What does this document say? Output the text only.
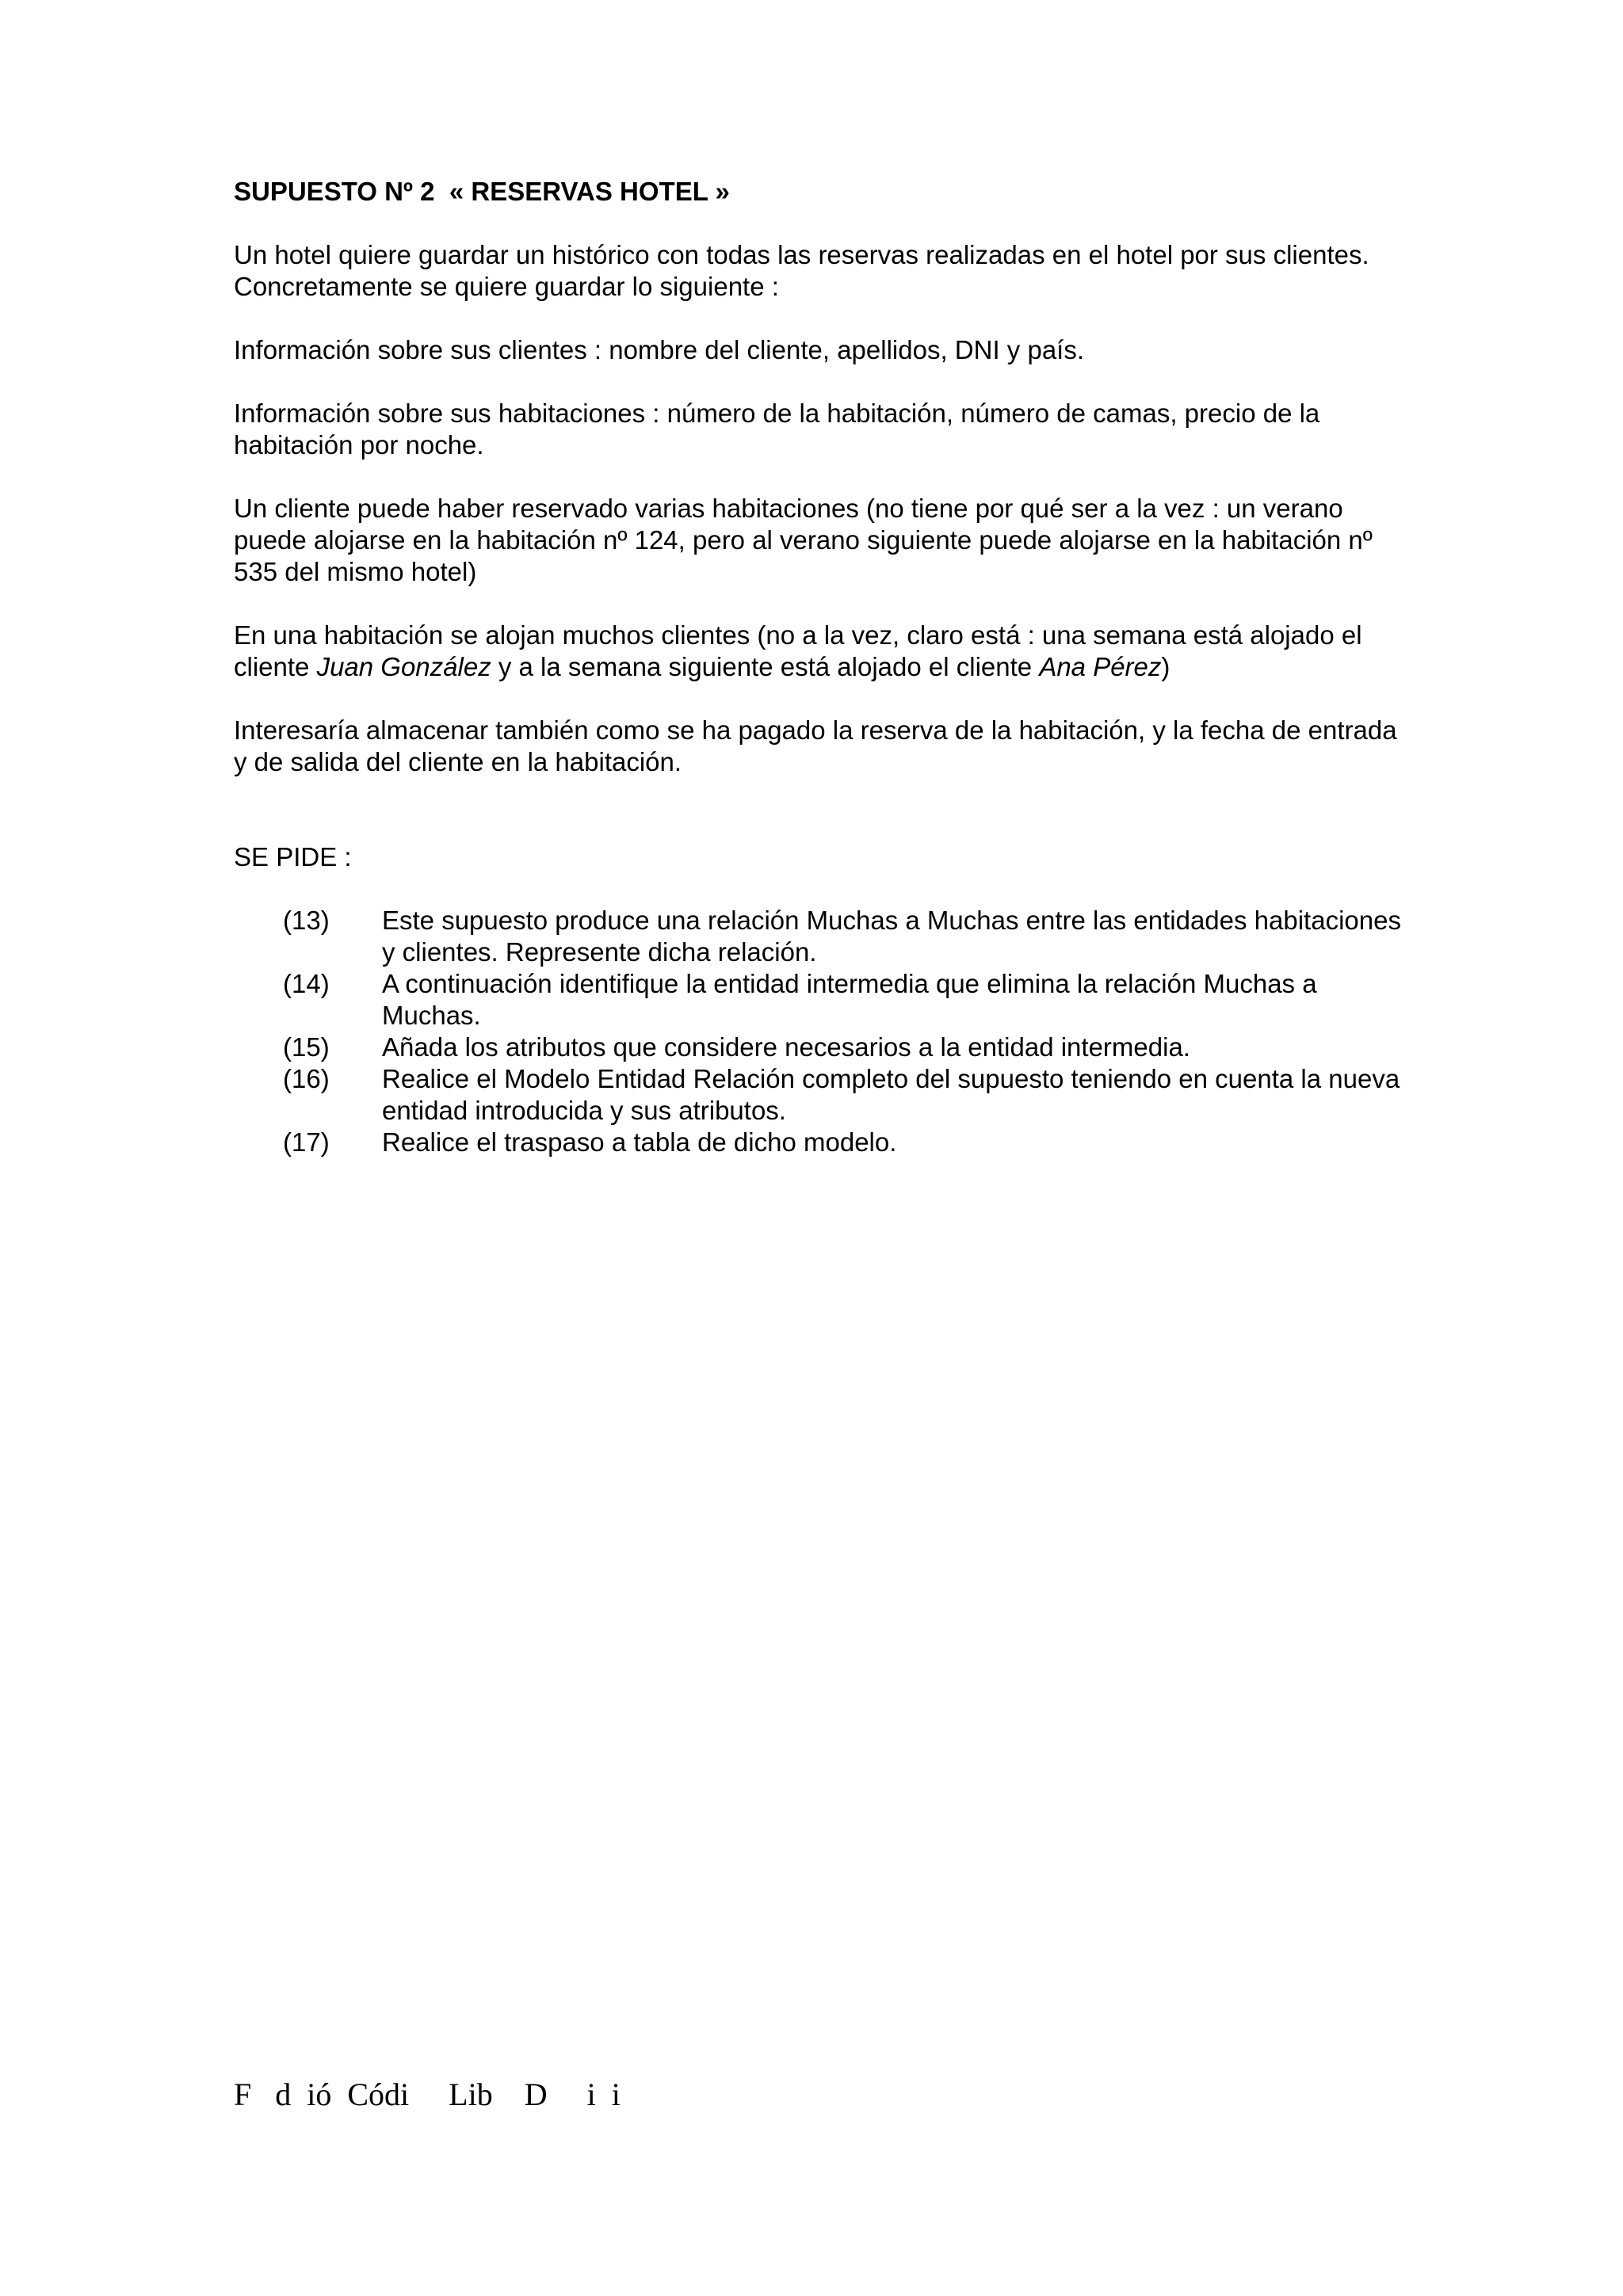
SUPUESTO Nº 2  « RESERVAS HOTEL »

Un hotel quiere guardar un histórico con todas las reservas realizadas en el hotel por sus clientes. Concretamente se quiere guardar lo siguiente :

Información sobre sus clientes : nombre del cliente, apellidos, DNI y país.

Información sobre sus habitaciones : número de la habitación, número de camas, precio de la habitación por noche.

Un cliente puede haber reservado varias habitaciones (no tiene por qué ser a la vez : un verano puede alojarse en la habitación nº 124, pero al verano siguiente puede alojarse en la habitación nº 535 del mismo hotel)

En una habitación se alojan muchos clientes (no a la vez, claro está : una semana está alojado el cliente Juan González y a la semana siguiente está alojado el cliente Ana Pérez)

Interesaría almacenar también como se ha pagado la reserva de la habitación, y la fecha de entrada y de salida del cliente en la habitación.

SE PIDE :

(13)	Este supuesto produce una relación Muchas a Muchas entre las entidades habitaciones y clientes. Represente dicha relación.
(14)	A continuación identifique la entidad intermedia que elimina la relación Muchas a Muchas.
(15)	Añada los atributos que considere necesarios a la entidad intermedia.
(16)	Realice el Modelo Entidad Relación completo del supuesto teniendo en cuenta la nueva entidad introducida y sus atributos.
(17)	Realice el traspaso a tabla de dicho modelo.
F   d  ió  Códi     Lib    D     i  i
